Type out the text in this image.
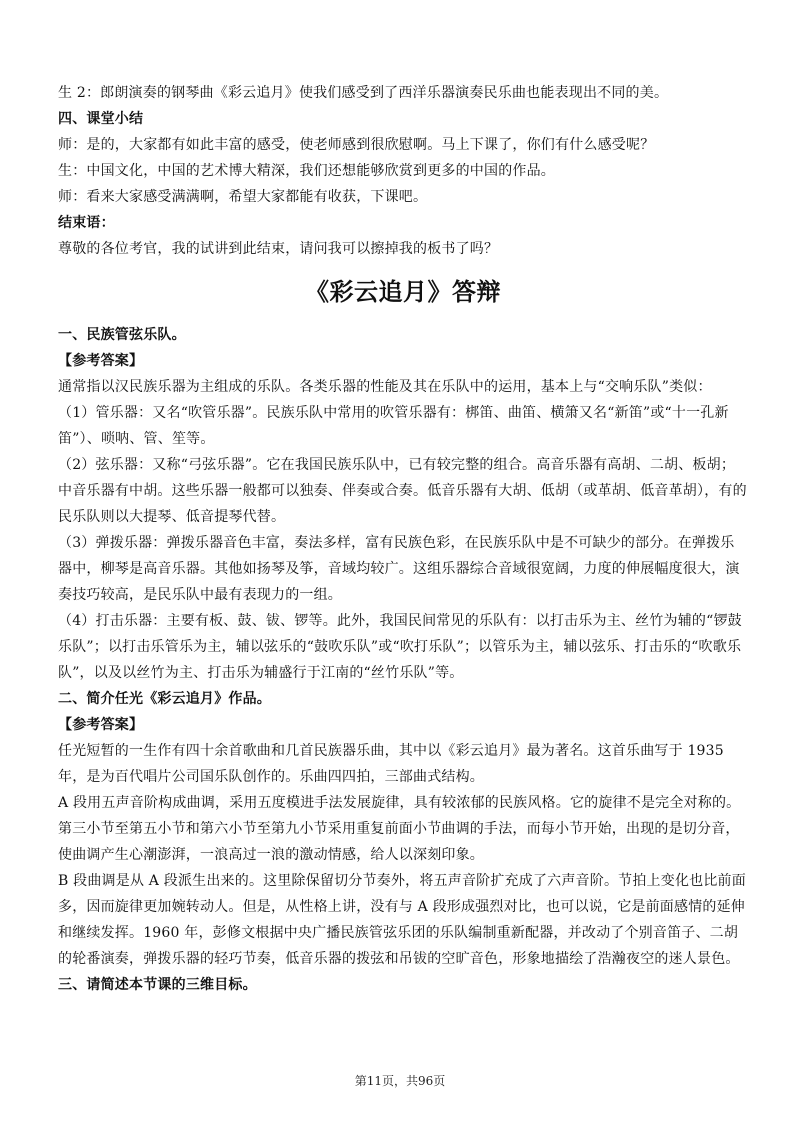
生 2：郎朗演奏的钢琴曲《彩云追月》使我们感受到了西洋乐器演奏民乐曲也能表现出不同的美。

四、课堂小结

师：是的，大家都有如此丰富的感受，使老师感到很欣慰啊。马上下课了，你们有什么感受呢？

生：中国文化，中国的艺术博大精深，我们还想能够欣赏到更多的中国的作品。

师：看来大家感受满满啊，希望大家都能有收获，下课吧。

结束语：

尊敬的各位考官，我的试讲到此结束，请问我可以擦掉我的板书了吗？

《彩云追月》答辩

一、民族管弦乐队。

【参考答案】

通常指以汉民族乐器为主组成的乐队。各类乐器的性能及其在乐队中的运用，基本上与“交响乐队”类似：

（1）管乐器：又名“吹管乐器”。民族乐队中常用的吹管乐器有：梆笛、曲笛、横箫又名“新笛”或“十一孔新笛”）、唢呐、管、笙等。

（2）弦乐器：又称“弓弦乐器”。它在我国民族乐队中，已有较完整的组合。高音乐器有高胡、二胡、板胡；中音乐器有中胡。这些乐器一般都可以独奏、伴奏或合奏。低音乐器有大胡、低胡（或革胡、低音革胡），有的民乐队则以大提琴、低音提琴代替。

（3）弹拨乐器：弹拨乐器音色丰富，奏法多样，富有民族色彩，在民族乐队中是不可缺少的部分。在弹拨乐器中，柳琴是高音乐器。其他如扬琴及筝，音域均较广。这组乐器综合音域很宽阔，力度的伸展幅度很大，演奏技巧较高，是民乐队中最有表现力的一组。

（4）打击乐器：主要有板、鼓、钹、锣等。此外，我国民间常见的乐队有：以打击乐为主、丝竹为辅的“锣鼓乐队”；以打击乐管乐为主，辅以弦乐的“鼓吹乐队”或“吹打乐队”；以管乐为主，辅以弦乐、打击乐的“吹歌乐队”，以及以丝竹为主、打击乐为辅盛行于江南的“丝竹乐队”等。

二、简介任光《彩云追月》作品。

【参考答案】

任光短暂的一生作有四十余首歌曲和几首民族器乐曲，其中以《彩云追月》最为著名。这首乐曲写于 1935 年，是为百代唱片公司国乐队创作的。乐曲四四拍，三部曲式结构。

A 段用五声音阶构成曲调，采用五度模进手法发展旋律，具有较浓郁的民族风格。它的旋律不是完全对称的。第三小节至第五小节和第六小节至第九小节采用重复前面小节曲调的手法，而每小节开始，出现的是切分音，使曲调产生心潮澎湃，一浪高过一浪的激动情感，给人以深刻印象。

B 段曲调是从 A 段派生出来的。这里除保留切分节奏外，将五声音阶扩充成了六声音阶。节拍上变化也比前面多，因而旋律更加婉转动人。但是，从性格上讲，没有与 A 段形成强烈对比，也可以说，它是前面感情的延伸和继续发挥。1960 年，彭修文根据中央广播民族管弦乐团的乐队编制重新配器，并改动了个别音笛子、二胡的轮番演奏，弹拨乐器的轻巧节奏，低音乐器的拨弦和吊钹的空旷音色，形象地描绘了浩瀚夜空的迷人景色。

三、请简述本节课的三维目标。

第11页，共96页
